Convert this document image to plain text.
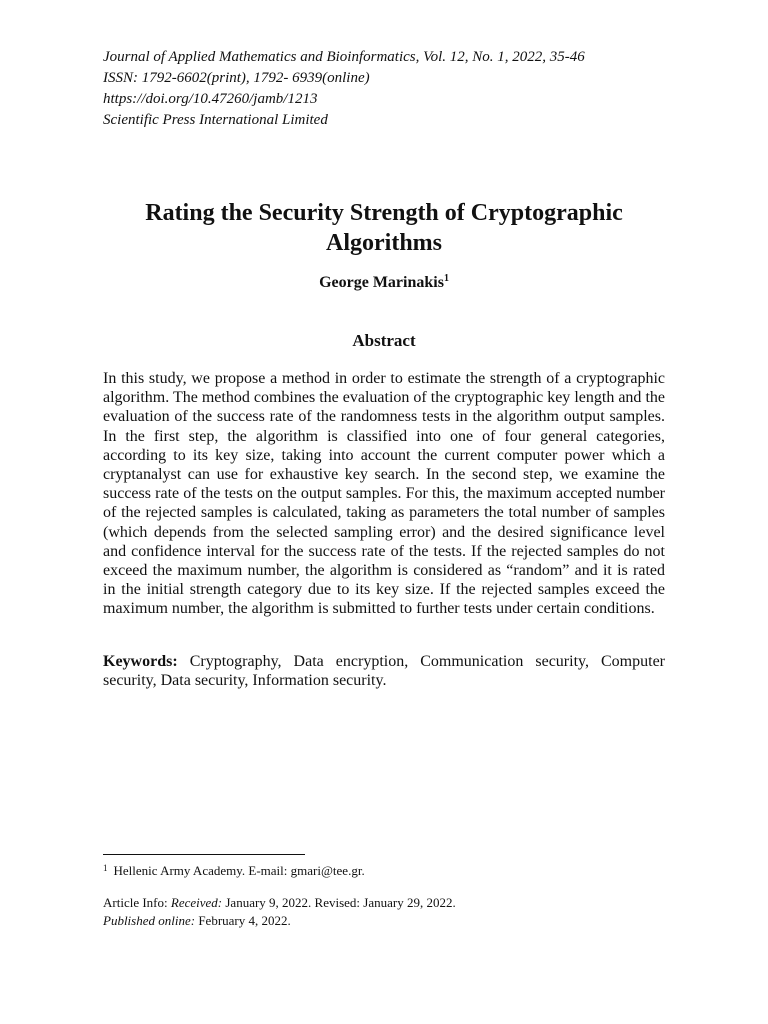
Journal of Applied Mathematics and Bioinformatics, Vol. 12, No. 1, 2022, 35-46
ISSN: 1792-6602(print), 1792- 6939(online)
https://doi.org/10.47260/jamb/1213
Scientific Press International Limited
Rating the Security Strength of Cryptographic Algorithms
George Marinakis$^1$
Abstract

In this study, we propose a method in order to estimate the strength of a cryptographic algorithm. The method combines the evaluation of the cryptographic key length and the evaluation of the success rate of the randomness tests in the algorithm output samples. In the first step, the algorithm is classified into one of four general categories, according to its key size, taking into account the current computer power which a cryptanalyst can use for exhaustive key search. In the second step, we examine the success rate of the tests on the output samples. For this, the maximum accepted number of the rejected samples is calculated, taking as parameters the total number of samples (which depends from the selected sampling error) and the desired significance level and confidence interval for the success rate of the tests. If the rejected samples do not exceed the maximum number, the algorithm is considered as “random” and it is rated in the initial strength category due to its key size. If the rejected samples exceed the maximum number, the algorithm is submitted to further tests under certain conditions.

Keywords: Cryptography, Data encryption, Communication security, Computer security, Data security, Information security.

$^1$ Hellenic Army Academy. E-mail: gmari@tee.gr.
Article Info: Received: January 9, 2022. Revised: January 29, 2022.
Published online: February 4, 2022.
